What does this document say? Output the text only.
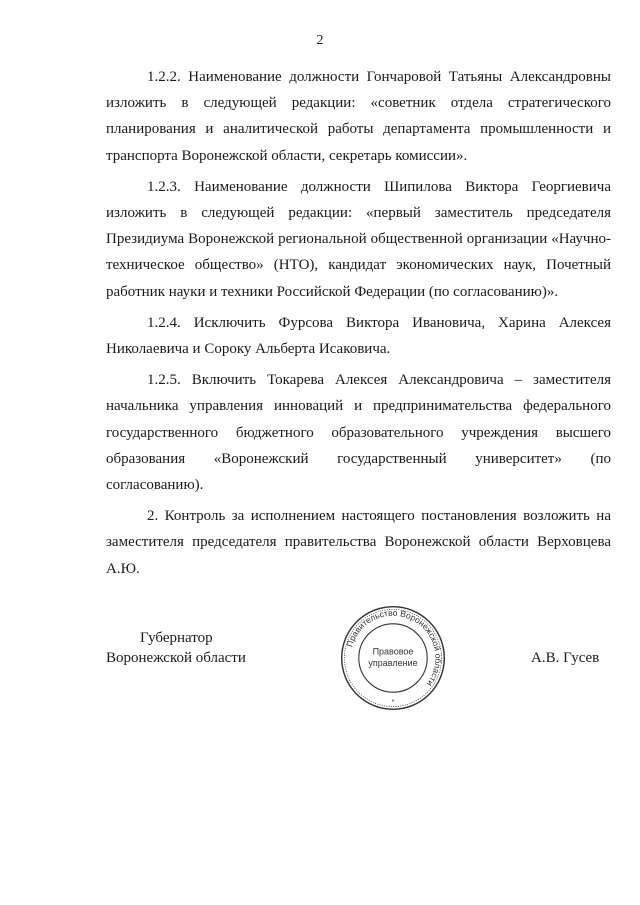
2

1.2.2. Наименование должности Гончаровой Татьяны Александровны изложить в следующей редакции: «советник отдела стратегического планирования и аналитической работы департамента промышленности и транспорта Воронежской области, секретарь комиссии».

1.2.3. Наименование должности Шипилова Виктора Георгиевича изложить в следующей редакции: «первый заместитель председателя Президиума Воронежской региональной общественной организации «Научно-техническое общество» (НТО), кандидат экономических наук, Почетный работник науки и техники Российской Федерации (по согласованию)».

1.2.4. Исключить Фурсова Виктора Ивановича, Харина Алексея Николаевича и Сороку Альберта Исаковича.

1.2.5. Включить Токарева Алексея Александровича – заместителя начальника управления инноваций и предпринимательства федерального государственного бюджетного образовательного учреждения высшего образования «Воронежский государственный университет» (по согласованию).

2. Контроль за исполнением настоящего постановления возложить на заместителя председателя правительства Воронежской области Верховцева А.Ю.

Губернатор
Воронежской области
Правительство Воронежской области
Правовое
управление
*
А.В. Гусев
